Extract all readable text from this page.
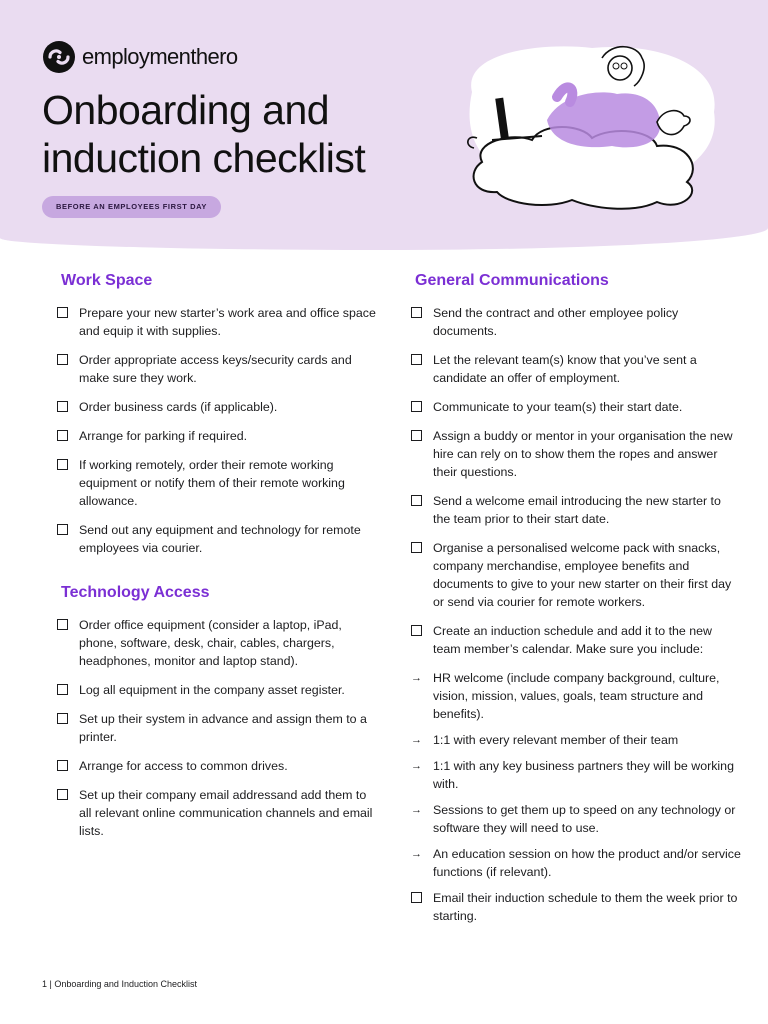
employmenthero
Onboarding and
induction checklist
BEFORE AN EMPLOYEES FIRST DAY
Work Space
Prepare your new starter’s work area and office space and equip it with supplies.
Order appropriate access keys/security cards and make sure they work.
Order business cards (if applicable).
Arrange for parking if required.
If working remotely, order their remote working equipment or notify them of their remote working allowance.
Send out any equipment and technology for remote employees via courier.
Technology Access
Order office equipment (consider a laptop, iPad, phone, software, desk, chair, cables, chargers, headphones, monitor and laptop stand).
Log all equipment in the company asset register.
Set up their system in advance and assign them to a printer.
Arrange for access to common drives.
Set up their company email addressand add them to all relevant online communication channels and email lists.
General Communications
Send the contract and other employee policy documents.
Let the relevant team(s) know that you’ve sent a candidate an offer of employment.
Communicate to your team(s) their start date.
Assign a buddy or mentor in your organisation the new hire can rely on to show them the ropes and answer their questions.
Send a welcome email introducing the new starter to the team prior to their start date.
Organise a personalised welcome pack with snacks, company merchandise, employee benefits and documents to give to your new starter on their first day or send via courier for remote workers.
Create an induction schedule and add it to the new team member’s calendar. Make sure you include:
→ HR welcome (include company background, culture, vision, mission, values, goals, team structure and benefits).
→ 1:1 with every relevant member of their team
→ 1:1 with any key business partners they will be working with.
→ Sessions to get them up to speed on any technology or software they will need to use.
→ An education session on how the product and/or service functions (if relevant).
Email their induction schedule to them the week prior to starting.
1 | Onboarding and Induction Checklist
